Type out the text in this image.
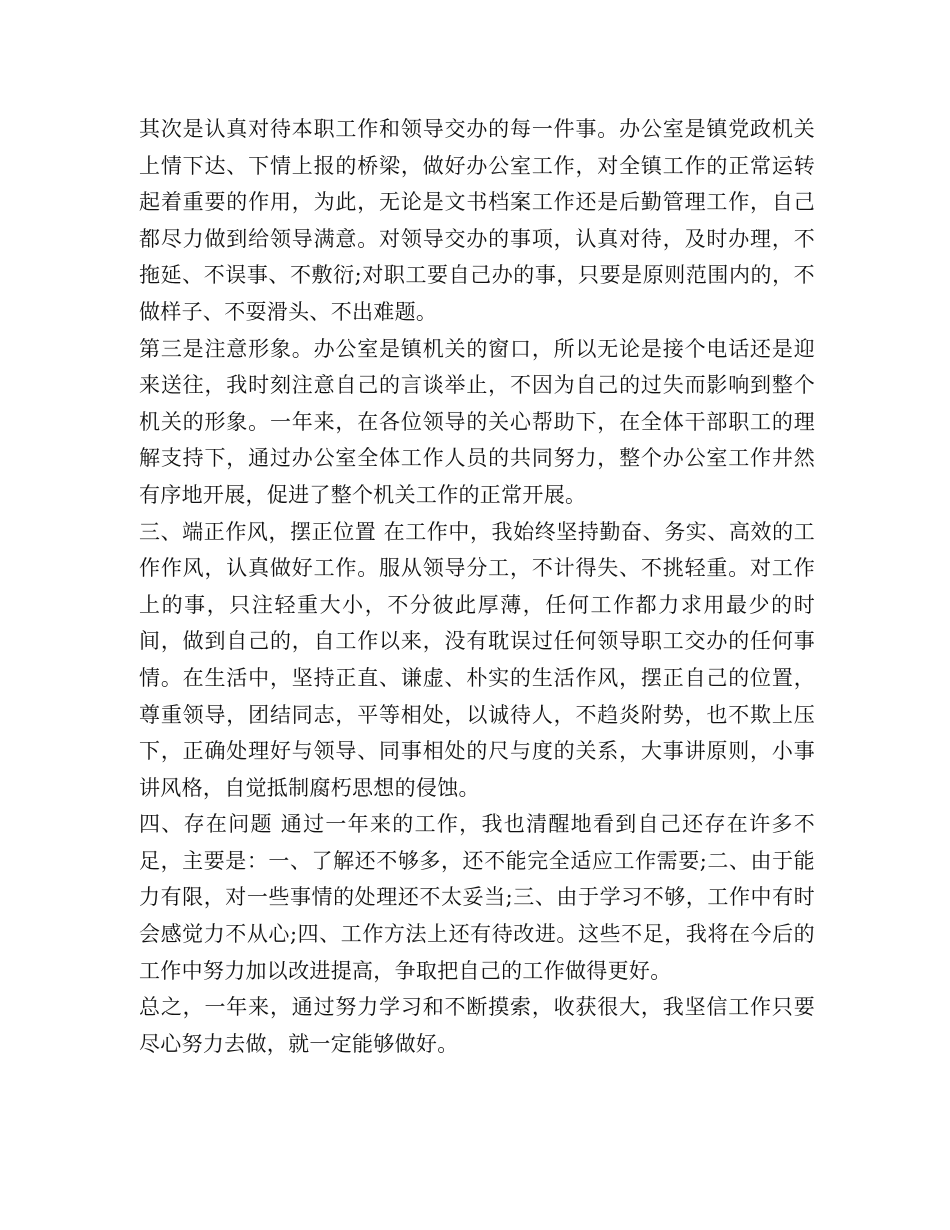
其次是认真对待本职工作和领导交办的每一件事。办公室是镇党政机关上情下达、下情上报的桥梁，做好办公室工作，对全镇工作的正常运转起着重要的作用，为此，无论是文书档案工作还是后勤管理工作，自己都尽力做到给领导满意。对领导交办的事项，认真对待，及时办理，不拖延、不误事、不敷衍;对职工要自己办的事，只要是原则范围内的，不做样子、不耍滑头、不出难题。

第三是注意形象。办公室是镇机关的窗口，所以无论是接个电话还是迎来送往，我时刻注意自己的言谈举止，不因为自己的过失而影响到整个机关的形象。一年来，在各位领导的关心帮助下，在全体干部职工的理解支持下，通过办公室全体工作人员的共同努力，整个办公室工作井然有序地开展，促进了整个机关工作的正常开展。

三、端正作风，摆正位置 在工作中，我始终坚持勤奋、务实、高效的工作作风，认真做好工作。服从领导分工，不计得失、不挑轻重。对工作上的事，只注轻重大小，不分彼此厚薄，任何工作都力求用最少的时间，做到自己的，自工作以来，没有耽误过任何领导职工交办的任何事情。在生活中，坚持正直、谦虚、朴实的生活作风，摆正自己的位置，尊重领导，团结同志，平等相处，以诚待人，不趋炎附势，也不欺上压下，正确处理好与领导、同事相处的尺与度的关系，大事讲原则，小事讲风格，自觉抵制腐朽思想的侵蚀。

四、存在问题 通过一年来的工作，我也清醒地看到自己还存在许多不足，主要是：一、了解还不够多，还不能完全适应工作需要;二、由于能力有限，对一些事情的处理还不太妥当;三、由于学习不够，工作中有时会感觉力不从心;四、工作方法上还有待改进。这些不足，我将在今后的工作中努力加以改进提高，争取把自己的工作做得更好。

总之，一年来，通过努力学习和不断摸索，收获很大，我坚信工作只要尽心努力去做，就一定能够做好。
